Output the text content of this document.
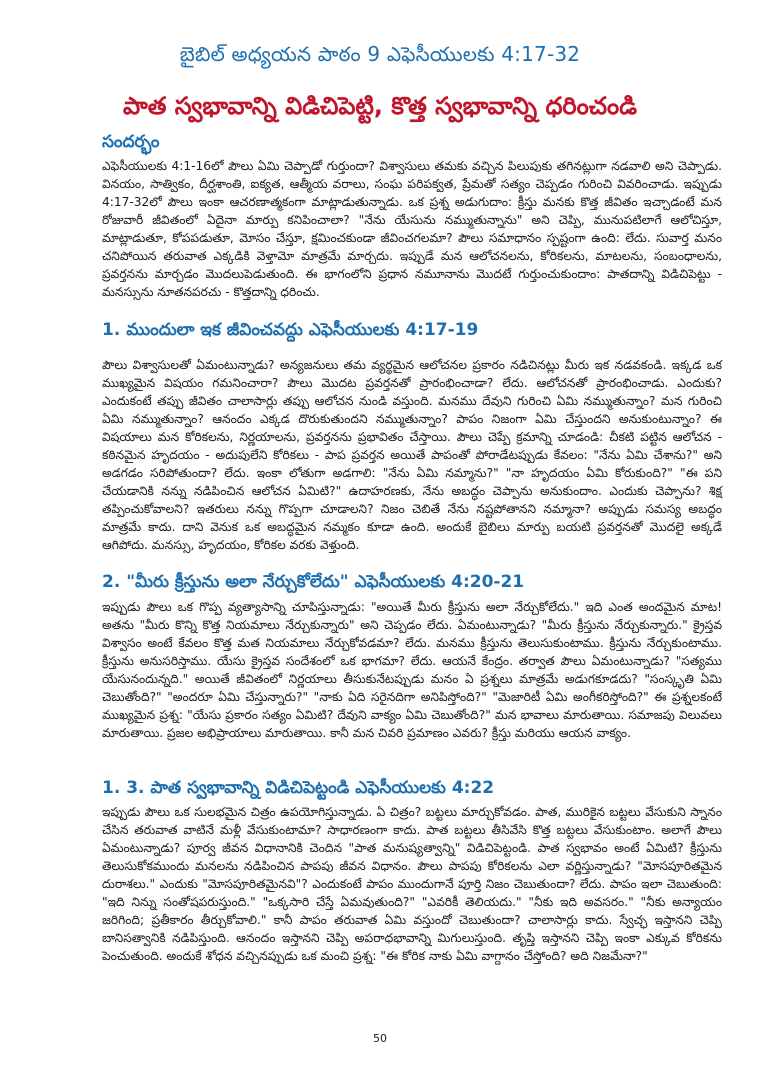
బైబిల్ అధ్యయన పాఠం 9 ఎఫెసీయులకు 4:17-32
పాత స్వభావాన్ని విడిచిపెట్టి, కొత్త స్వభావాన్ని ధరించండి
సందర్భం
ఎఫెసీయులకు 4:1-16లో పౌలు ఏమి చెప్పాడో గుర్తుందా? విశ్వాసులు తమకు వచ్చిన పిలుపుకు తగినట్లుగా నడవాలి అని చెప్పాడు. వినయం, సాత్వికం, దీర్ఘశాంతి, ఐక్యత, ఆత్మీయ వరాలు, సంఘ పరిపక్వత, ప్రేమతో సత్యం చెప్పడం గురించి వివరించాడు. ఇప్పుడు 4:17-32లో పౌలు ఇంకా ఆచరణాత్మకంగా మాట్లాడుతున్నాడు. ఒక ప్రశ్న అడుగుదాం: క్రీస్తు మనకు కొత్త జీవితం ఇచ్చాడంటే మన రోజువారీ జీవితంలో ఏదైనా మార్పు కనిపించాలా? "నేను యేసును నమ్ముతున్నాను" అని చెప్పి, మునుపటిలాగే ఆలోచిస్తూ, మాట్లాడుతూ, కోపపడుతూ, మోసం చేస్తూ, క్షమించకుండా జీవించగలమా? పౌలు సమాధానం స్పష్టంగా ఉంది: లేదు. సువార్త మనం చనిపోయిన తరువాత ఎక్కడికి వెళ్తామో మాత్రమే మార్చదు. ఇప్పుడే మన ఆలోచనలను, కోరికలను, మాటలను, సంబంధాలను, ప్రవర్తనను మార్చడం మొదలుపెడుతుంది. ఈ భాగంలోని ప్రధాన నమూనాను మొదటే గుర్తుంచుకుందాం: పాతదాన్ని విడిచిపెట్టు - మనస్సును నూతనపరచు - కొత్తదాన్ని ధరించు.
1. ముందులా ఇక జీవించవద్దు ఎఫెసీయులకు 4:17-19
పౌలు విశ్వాసులతో ఏమంటున్నాడు? అన్యజనులు తమ వ్యర్థమైన ఆలోచనల ప్రకారం నడిచినట్లు మీరు ఇక నడవకండి. ఇక్కడ ఒక ముఖ్యమైన విషయం గమనించారా? పౌలు మొదట ప్రవర్తనతో ప్రారంభించాడా? లేదు. ఆలోచనతో ప్రారంభించాడు. ఎందుకు? ఎందుకంటే తప్పు జీవితం చాలాసార్లు తప్పు ఆలోచన నుండి వస్తుంది. మనము దేవుని గురించి ఏమి నమ్ముతున్నాం? మన గురించి ఏమి నమ్ముతున్నాం? ఆనందం ఎక్కడ దొరుకుతుందని నమ్ముతున్నాం? పాపం నిజంగా ఏమి చేస్తుందని అనుకుంటున్నాం? ఈ విషయాలు మన కోరికలను, నిర్ణయాలను, ప్రవర్తనను ప్రభావితం చేస్తాయి. పౌలు చెప్పే క్రమాన్ని చూడండి: చీకటి పట్టిన ఆలోచన - కఠినమైన హృదయం - అదుపులేని కోరికలు - పాప ప్రవర్తన అయితే పాపంతో పోరాడేటప్పుడు కేవలం: "నేను ఏమి చేశాను?" అని అడగడం సరిపోతుందా? లేదు. ఇంకా లోతుగా అడగాలి: "నేను ఏమి నమ్మాను?" "నా హృదయం ఏమి కోరుకుంది?" "ఈ పని చేయడానికి నన్ను నడిపించిన ఆలోచన ఏమిటి?" ఉదాహరణకు, నేను అబద్ధం చెప్పాను అనుకుందాం. ఎందుకు చెప్పాను? శిక్ష తప్పించుకోవాలని? ఇతరులు నన్ను గొప్పగా చూడాలని? నిజం చెబితే నేను నష్టపోతానని నమ్మానా? అప్పుడు సమస్య అబద్ధం మాత్రమే కాదు. దాని వెనుక ఒక అబద్ధమైన నమ్మకం కూడా ఉంది. అందుకే బైబిలు మార్పు బయటి ప్రవర్తనతో మొదలై అక్కడే ఆగిపోదు. మనస్సు, హృదయం, కోరికల వరకు వెళ్తుంది.
2. "మీరు క్రీస్తును అలా నేర్చుకోలేదు" ఎఫెసీయులకు 4:20-21
ఇప్పుడు పౌలు ఒక గొప్ప వ్యత్యాసాన్ని చూపిస్తున్నాడు: "అయితే మీరు క్రీస్తును అలా నేర్చుకోలేదు." ఇది ఎంత అందమైన మాట! అతను "మీరు కొన్ని కొత్త నియమాలు నేర్చుకున్నారు" అని చెప్పడం లేదు. ఏమంటున్నాడు? "మీరు క్రీస్తును నేర్చుకున్నారు." క్రైస్తవ విశ్వాసం అంటే కేవలం కొత్త మత నియమాలు నేర్చుకోవడమా? లేదు. మనము క్రీస్తును తెలుసుకుంటాము. క్రీస్తును నేర్చుకుంటాము. క్రీస్తును అనుసరిస్తాము. యేసు క్రైస్తవ సందేశంలో ఒక భాగమా? లేదు. ఆయనే కేంద్రం. తర్వాత పౌలు ఏమంటున్నాడు? "సత్యము యేసునందున్నది." అయితే జీవితంలో నిర్ణయాలు తీసుకునేటప్పుడు మనం ఏ ప్రశ్నలు మాత్రమే అడుగకూడదు? "సంస్కృతి ఏమి చెబుతోంది?" "అందరూ ఏమి చేస్తున్నారు?" "నాకు ఏది సరైనదిగా అనిపిస్తోంది?" "మెజారిటీ ఏమి అంగీకరిస్తోంది?" ఈ ప్రశ్నలకంటే ముఖ్యమైన ప్రశ్న: "యేసు ప్రకారం సత్యం ఏమిటి? దేవుని వాక్యం ఏమి చెబుతోంది?" మన భావాలు మారుతాయి. సమాజపు విలువలు మారుతాయి. ప్రజల అభిప్రాయాలు మారుతాయి. కానీ మన చివరి ప్రమాణం ఎవరు? క్రీస్తు మరియు ఆయన వాక్యం.
1. 3. పాత స్వభావాన్ని విడిచిపెట్టండి ఎఫెసీయులకు 4:22
ఇప్పుడు పౌలు ఒక సులభమైన చిత్రం ఉపయోగిస్తున్నాడు. ఏ చిత్రం? బట్టలు మార్చుకోవడం. పాత, మురికైన బట్టలు వేసుకుని స్నానం చేసిన తరువాత వాటినే మళ్లీ వేసుకుంటామా? సాధారణంగా కాదు. పాత బట్టలు తీసివేసి కొత్త బట్టలు వేసుకుంటాం. అలాగే పౌలు ఏమంటున్నాడు? పూర్వ జీవన విధానానికి చెందిన "పాత మనుష్యత్వాన్ని" విడిచిపెట్టండి. పాత స్వభావం అంటే ఏమిటి? క్రీస్తును తెలుసుకోకముందు మనలను నడిపించిన పాపపు జీవన విధానం. పౌలు పాపపు కోరికలను ఎలా వర్ణిస్తున్నాడు? "మోసపూరితమైన దురాశలు." ఎందుకు "మోసపూరితమైనవి"? ఎందుకంటే పాపం ముందుగానే పూర్తి నిజం చెబుతుందా? లేదు. పాపం ఇలా చెబుతుంది: "ఇది నిన్ను సంతోషపరుస్తుంది." "ఒక్కసారి చేస్తే ఏమవుతుంది?" "ఎవరికీ తెలియదు." "నీకు ఇది అవసరం." "నీకు అన్యాయం జరిగింది; ప్రతీకారం తీర్చుకోవాలి." కానీ పాపం తరువాత ఏమి వస్తుందో చెబుతుందా? చాలాసార్లు కాదు. స్వేచ్ఛ ఇస్తానని చెప్పి బానిసత్వానికి నడిపిస్తుంది. ఆనందం ఇస్తానని చెప్పి అపరాధభావాన్ని మిగులుస్తుంది. తృప్తి ఇస్తానని చెప్పి ఇంకా ఎక్కువ కోరికను పెంచుతుంది. అందుకే శోధన వచ్చినప్పుడు ఒక మంచి ప్రశ్న: "ఈ కోరిక నాకు ఏమి వాగ్దానం చేస్తోంది? అది నిజమేనా?"
50
